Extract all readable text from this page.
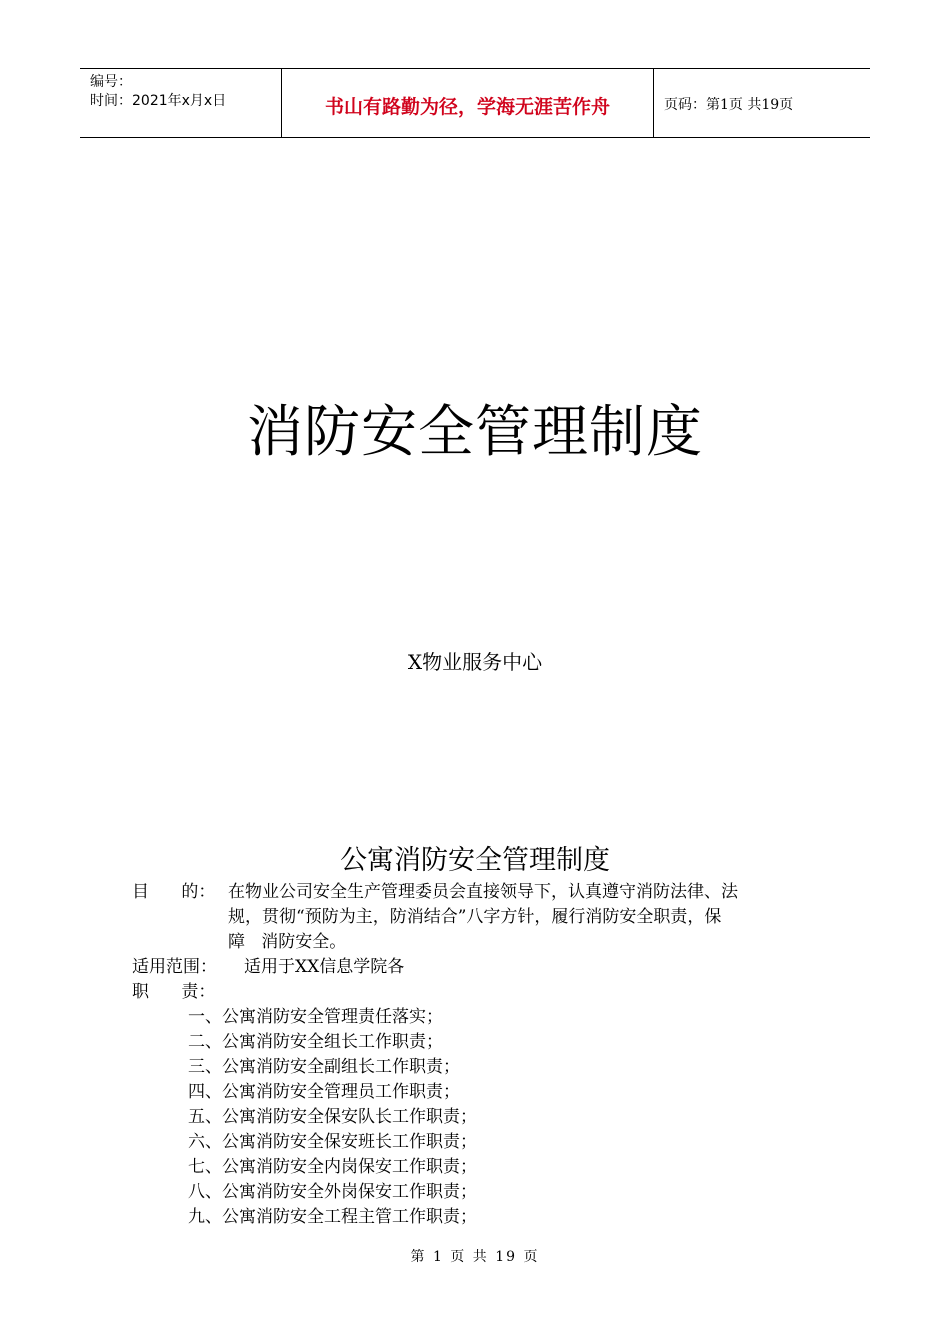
编号：
时间：2021年x月x日	书山有路勤为径，学海无涯苦作舟	页码：第1页 共19页
消防安全管理制度
X物业服务中心
公寓消防安全管理制度
目      的： 在物业公司安全生产管理委员会直接领导下，认真遵守消防法律、法
规，贯彻“预防为主，防消结合”八字方针，履行消防安全职责，保
障   消防安全。
适用范围：	适用于XX信息学院各
职      责：
一、公寓消防安全管理责任落实；
二、公寓消防安全组长工作职责；
三、公寓消防安全副组长工作职责；
四、公寓消防安全管理员工作职责；
五、公寓消防安全保安队长工作职责；
六、公寓消防安全保安班长工作职责；
七、公寓消防安全内岗保安工作职责；
八、公寓消防安全外岗保安工作职责；
九、公寓消防安全工程主管工作职责；
第 1 页 共 19 页
